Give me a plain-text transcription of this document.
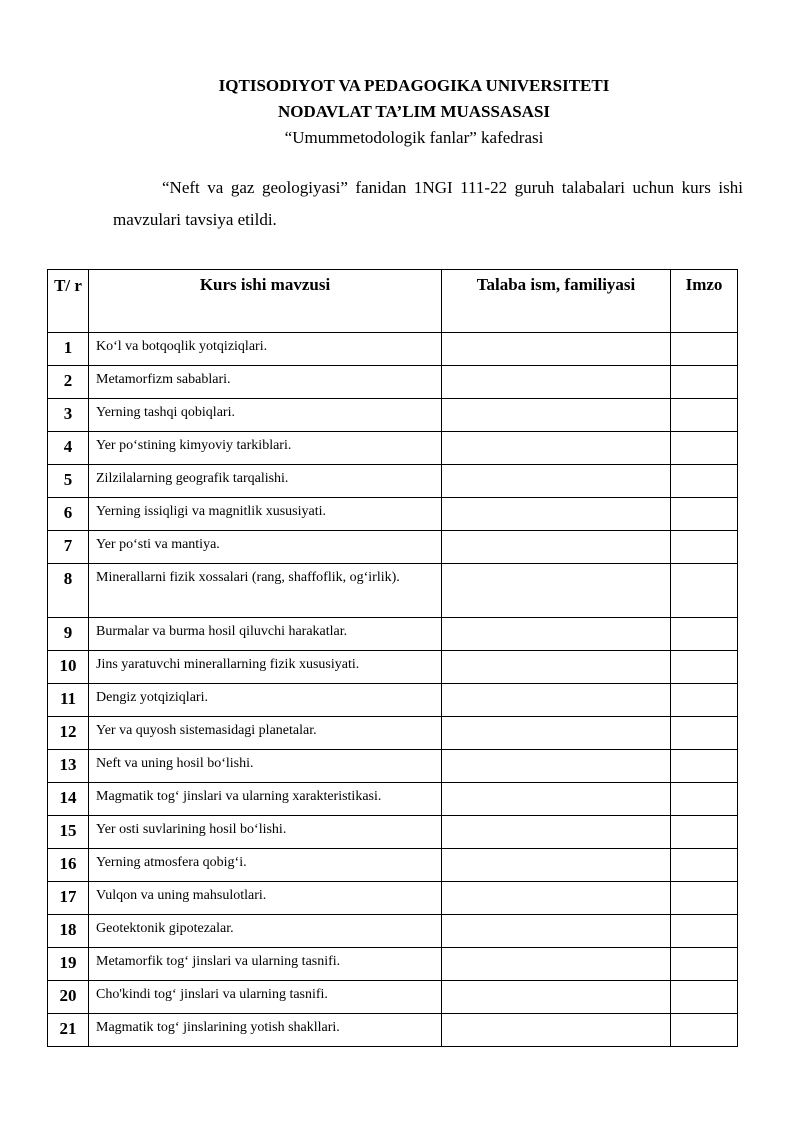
IQTISODIYOT VA PEDAGOGIKA UNIVERSITETI
NODAVLAT TA’LIM MUASSASASI
“Umummetodologik fanlar” kafedrasi
“Neft va gaz geologiyasi” fanidan 1NGI 111-22 guruh talabalari uchun kurs ishi mavzulari tavsiya etildi.
T/ r	Kurs ishi mavzusi	Talaba ism, familiyasi	Imzo

1	Ko‘l va botqoqlik yotqiziqlari.		
2	Metamorfizm sabablari.		
3	Yerning tashqi qobiqlari.		
4	Yer po‘stining kimyoviy tarkiblari.		
5	Zilzilalarning geografik tarqalishi.		
6	Yerning issiqligi va magnitlik xususiyati.		
7	Yer po‘sti va mantiya.		
8	Minerallarni fizik xossalari (rang, shaffoflik, og‘irlik).		
9	Burmalar va burma hosil qiluvchi harakatlar.		
10	Jins yaratuvchi minerallarning fizik xususiyati.		
11	Dengiz yotqiziqlari.		
12	Yer va quyosh sistemasidagi planetalar.		
13	Neft va uning hosil bo‘lishi.		
14	Magmatik tog‘ jinslari va ularning xarakteristikasi.		
15	Yer osti suvlarining hosil bo‘lishi.		
16	Yerning atmosfera qobig‘i.		
17	Vulqon va uning mahsulotlari.		
18	Geotektonik gipotezalar.		
19	Metamorfik tog‘ jinslari va ularning tasnifi.		
20	Cho'kindi tog‘ jinslari va ularning tasnifi.		
21	Magmatik tog‘ jinslarining yotish shakllari.		
